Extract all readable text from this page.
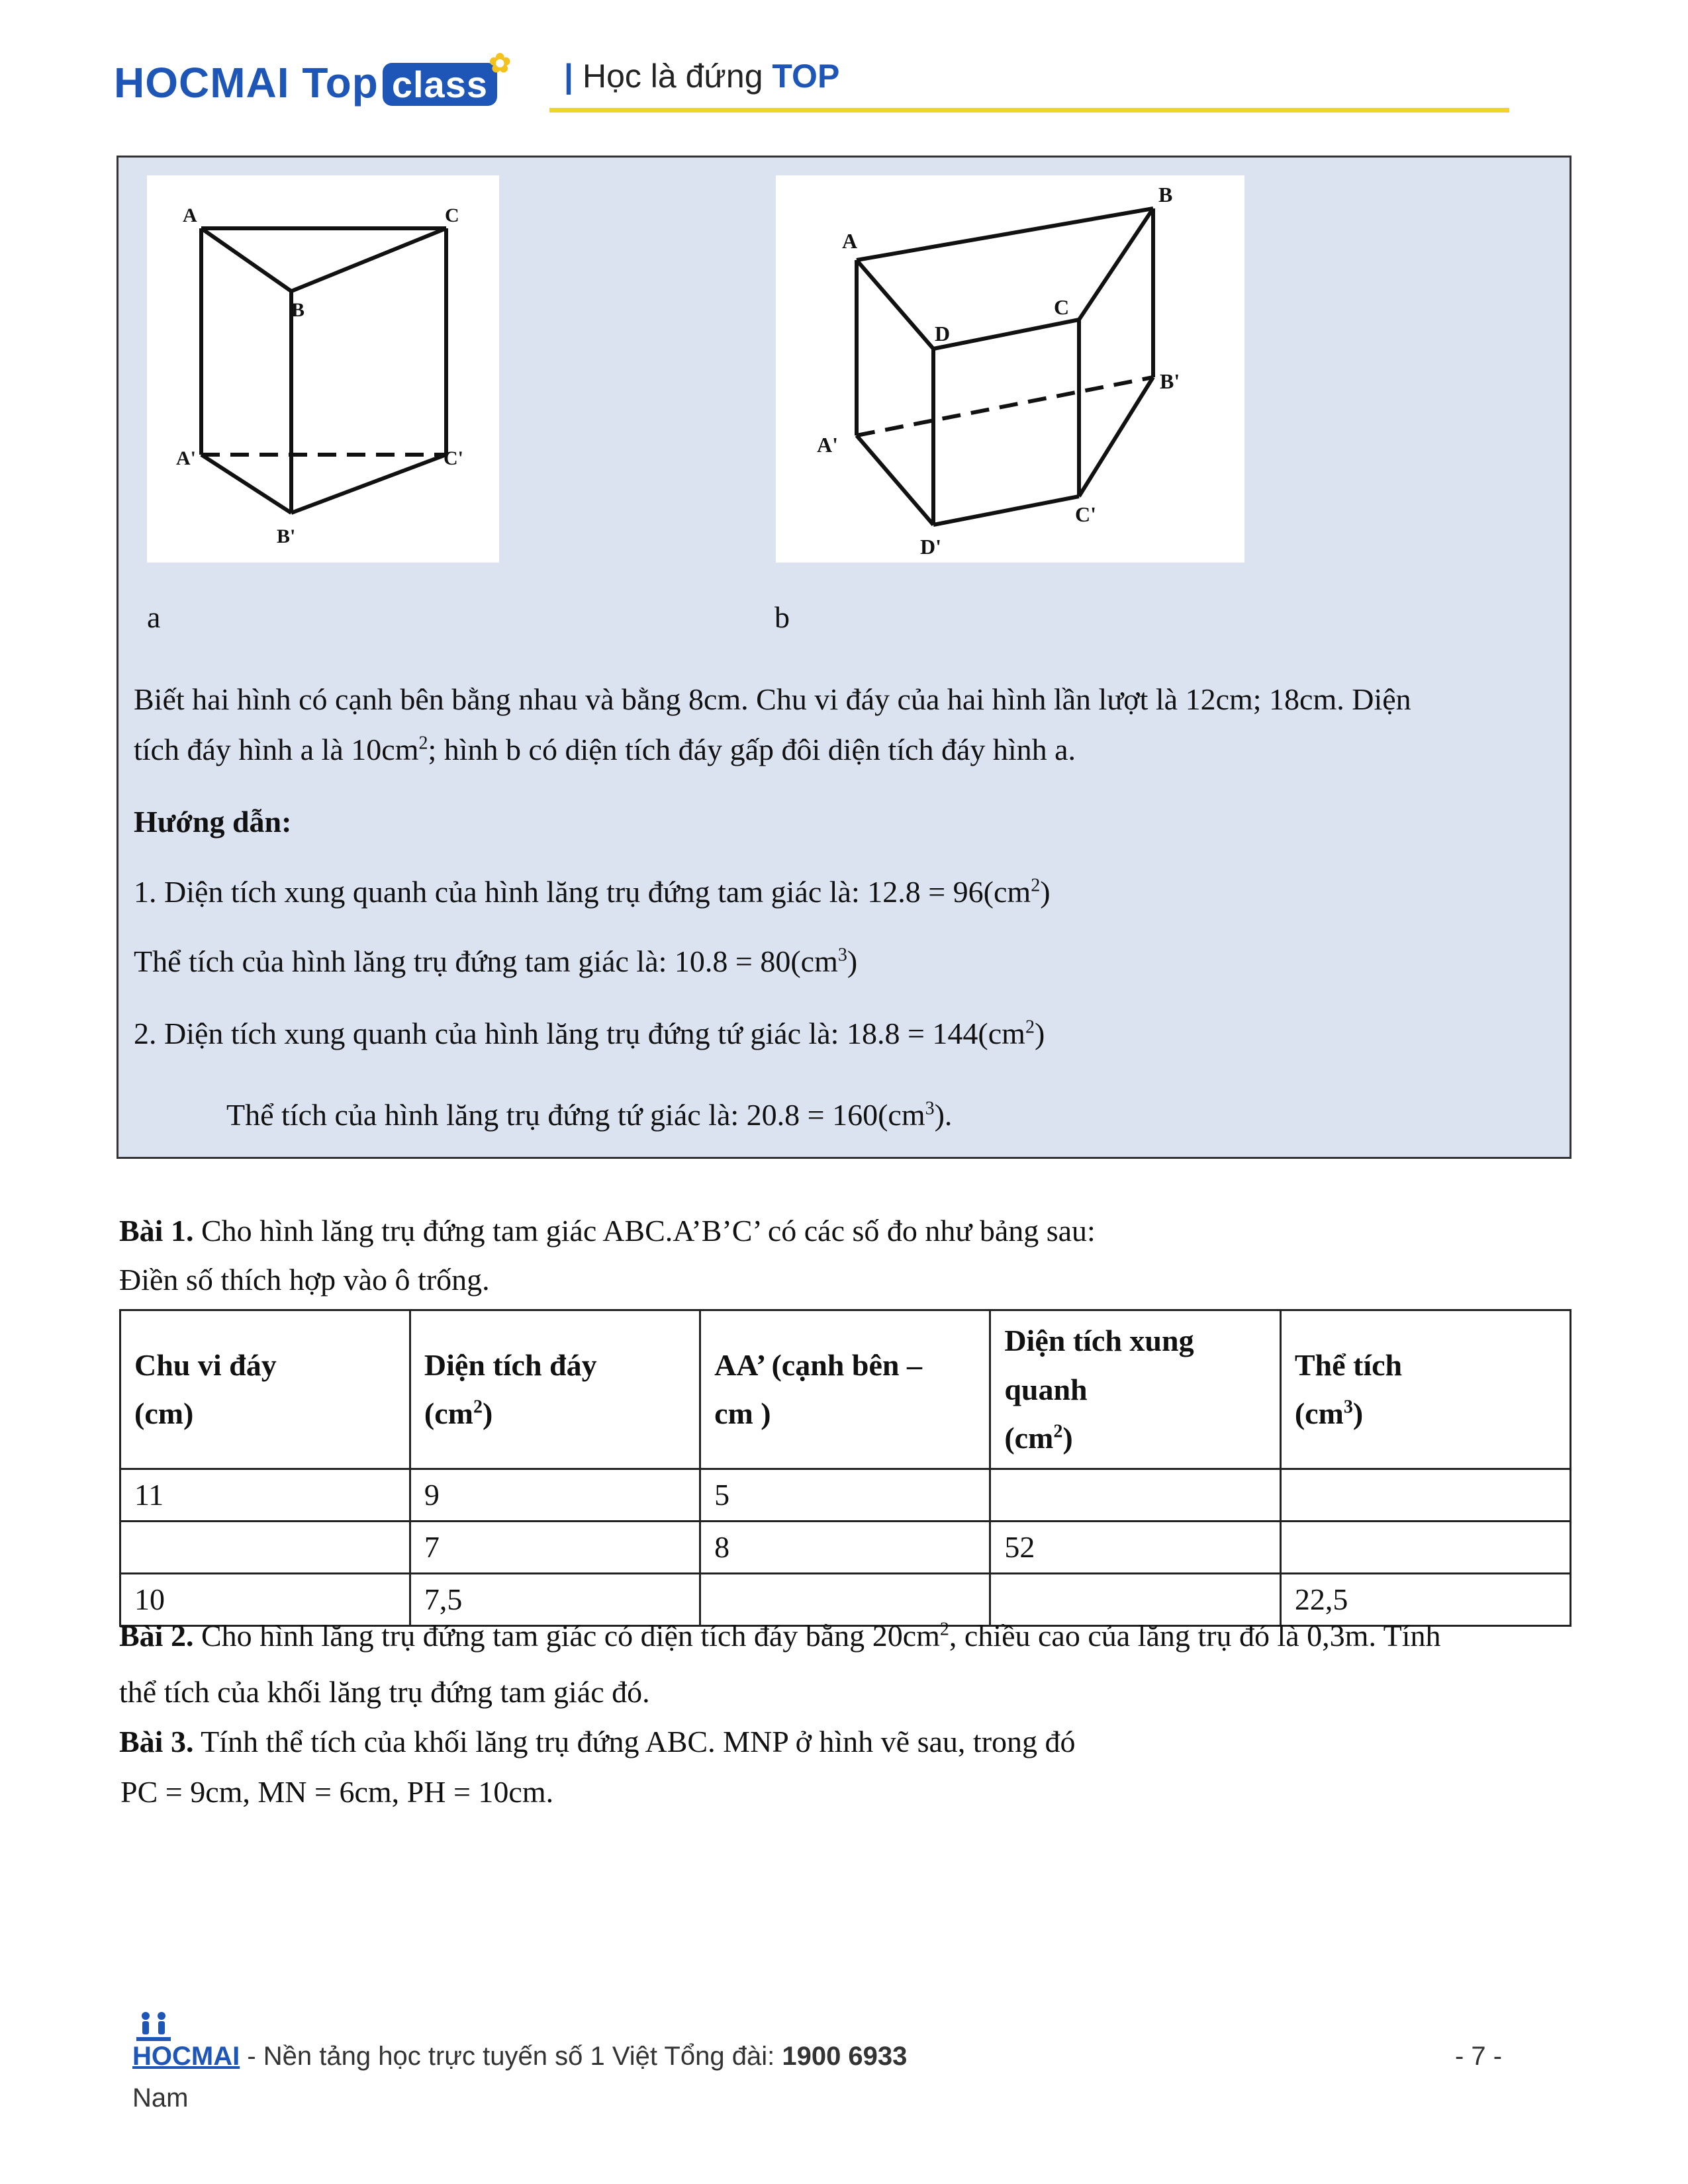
HOCMAI Top class ✿ | Học là đứng TOP
A	C
B
A'	C'
B'
A
B
C
D
A'
B'
C'
D'
a	b
Biết hai hình có cạnh bên bằng nhau và bằng 8cm. Chu vi đáy của hai hình lần lượt là 12cm; 18cm. Diện
tích đáy hình a là $10cm^2$; hình b có diện tích đáy gấp đôi diện tích đáy hình a.
Hướng dẫn:
1. Diện tích xung quanh của hình lăng trụ đứng tam giác là: $12.8 = 96(cm^2)$
Thể tích của hình lăng trụ đứng tam giác là: $10.8 = 80(cm^3)$
2. Diện tích xung quanh của hình lăng trụ đứng tứ giác là: $18.8 = 144(cm^2)$
Thể tích của hình lăng trụ đứng tứ giác là: $20.8 = 160(cm^3)$.
Bài 1. Cho hình lăng trụ đứng tam giác ABC.A’B’C’ có các số đo như bảng sau:
Điền số thích hợp vào ô trống.
Chu vi đáy
(cm)	Diện tích đáy
$(cm^2)$	AA’ (cạnh bên –
cm )	Diện tích xung
quanh
$(cm^2)$	Thể tích
$(cm^3)$
11	9	5		
	7	8	52	
10	7,5			22,5
Bài 2. Cho hình lăng trụ đứng tam giác có diện tích đáy bằng $20cm^2$, chiều cao của lăng trụ đó là 0,3m. Tính
thể tích của khối lăng trụ đứng tam giác đó.
Bài 3. Tính thể tích của khối lăng trụ đứng ABC. MNP ở hình vẽ sau, trong đó
PC = 9cm, MN = 6cm, PH = 10cm.
HOCMAI - Nền tảng học trực tuyến số 1 Việt Tổng đài: 1900 6933	- 7 -
Nam
